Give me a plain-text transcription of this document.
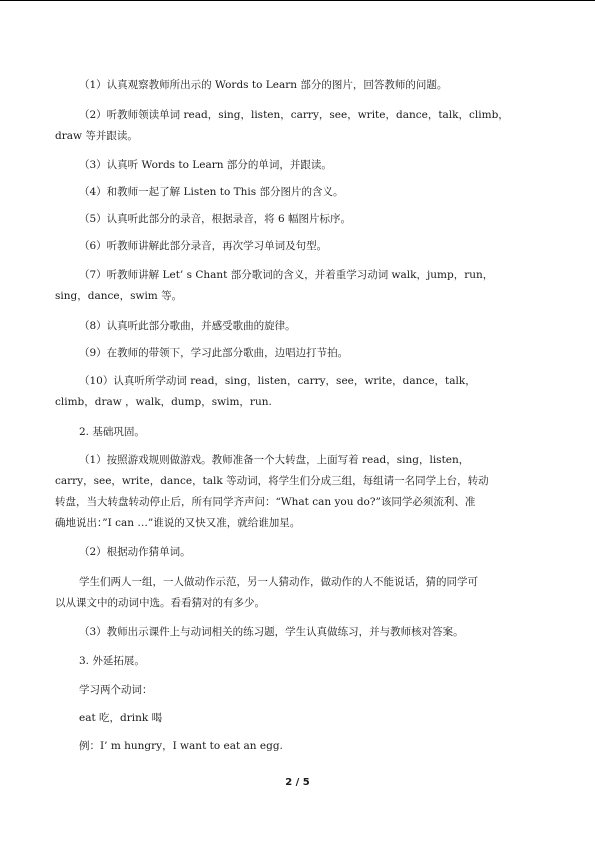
（1）认真观察教师所出示的 Words to Learn 部分的图片，回答教师的问题。
（2）听教师领读单词 read，sing，listen，carry，see，write，dance，talk，climb，
draw 等并跟读。
（3）认真听 Words to Learn 部分的单词，并跟读。
（4）和教师一起了解 Listen to This 部分图片的含义。
（5）认真听此部分的录音，根据录音，将 6 幅图片标序。
（6）听教师讲解此部分录音，再次学习单词及句型。
（7）听教师讲解 Let’ s Chant 部分歌词的含义，并着重学习动词 walk，jump，run，
sing，dance，swim 等。
（8）认真听此部分歌曲，并感受歌曲的旋律。
（9）在教师的带领下，学习此部分歌曲，边唱边打节拍。
（10）认真听所学动词 read，sing，listen，carry，see，write，dance，talk，
climb，draw ，walk，dump，swim，run.
2. 基础巩固。
（1）按照游戏规则做游戏。教师准备一个大转盘，上面写着 read，sing，listen，
carry，see，write，dance，talk 等动词，将学生们分成三组，每组请一名同学上台，转动
转盘，当大转盘转动停止后，所有同学齐声问：“What can you do?”该同学必须流利、准
确地说出：”I can …”谁说的又快又准，就给谁加星。
（2）根据动作猜单词。
学生们两人一组，一人做动作示范，另一人猜动作，做动作的人不能说话，猜的同学可
以从课文中的动词中选。看看猜对的有多少。
（3）教师出示课件上与动词相关的练习题，学生认真做练习，并与教师核对答案。
3. 外延拓展。
学习两个动词：
eat 吃，drink 喝
例：I’ m hungry，I want to eat an egg.
2 / 5
